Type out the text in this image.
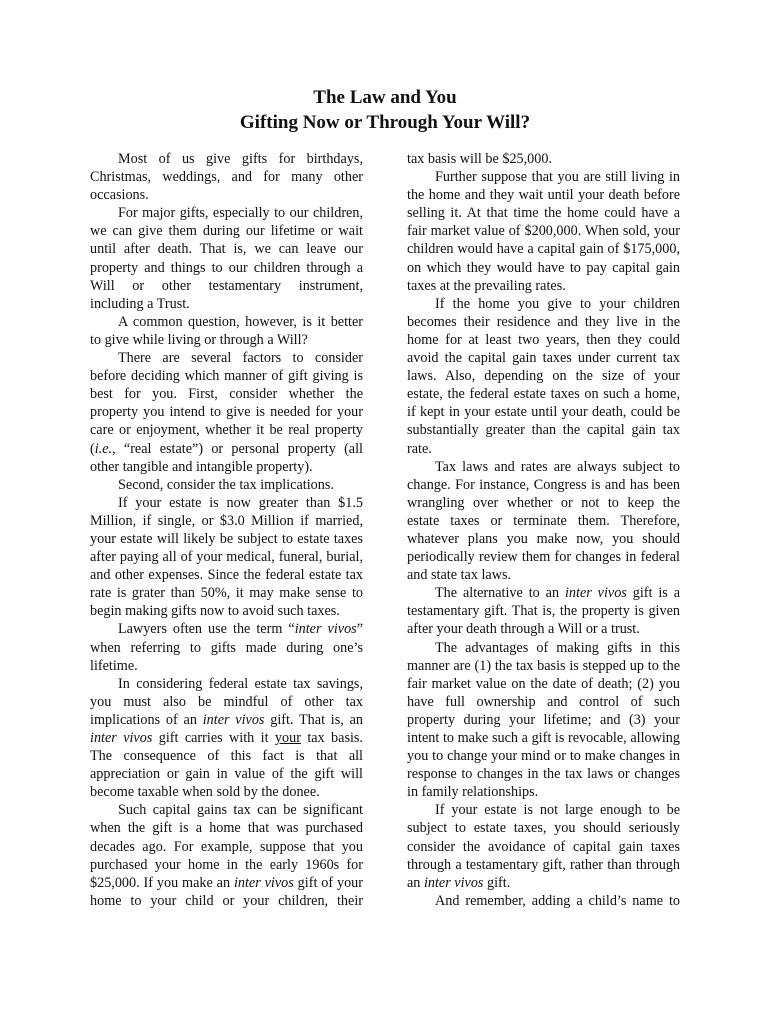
The Law and You
Gifting Now or Through Your Will?

Most of us give gifts for birthdays, Christmas, weddings, and for many other occasions.

For major gifts, especially to our children, we can give them during our lifetime or wait until after death. That is, we can leave our property and things to our children through a Will or other testamentary instrument, including a Trust.

A common question, however, is it better to give while living or through a Will?

There are several factors to consider before deciding which manner of gift giving is best for you. First, consider whether the property you intend to give is needed for your care or enjoyment, whether it be real property (i.e., “real estate”) or personal property (all other tangible and intangible property).

Second, consider the tax implications.

If your estate is now greater than $1.5 Million, if single, or $3.0 Million if married, your estate will likely be subject to estate taxes after paying all of your medical, funeral, burial, and other expenses. Since the federal estate tax rate is grater than 50%, it may make sense to begin making gifts now to avoid such taxes.

Lawyers often use the term “inter vivos” when referring to gifts made during one’s lifetime.

In considering federal estate tax savings, you must also be mindful of other tax implications of an inter vivos gift. That is, an inter vivos gift carries with it your tax basis. The consequence of this fact is that all appreciation or gain in value of the gift will become taxable when sold by the donee.

Such capital gains tax can be significant when the gift is a home that was purchased decades ago. For example, suppose that you purchased your home in the early 1960s for $25,000. If you make an inter vivos gift of your home to your child or your children, their

tax basis will be $25,000.

Further suppose that you are still living in the home and they wait until your death before selling it. At that time the home could have a fair market value of $200,000. When sold, your children would have a capital gain of $175,000, on which they would have to pay capital gain taxes at the prevailing rates.

If the home you give to your children becomes their residence and they live in the home for at least two years, then they could avoid the capital gain taxes under current tax laws. Also, depending on the size of your estate, the federal estate taxes on such a home, if kept in your estate until your death, could be substantially greater than the capital gain tax rate.

Tax laws and rates are always subject to change. For instance, Congress is and has been wrangling over whether or not to keep the estate taxes or terminate them. Therefore, whatever plans you make now, you should periodically review them for changes in federal and state tax laws.

The alternative to an inter vivos gift is a testamentary gift. That is, the property is given after your death through a Will or a trust.

The advantages of making gifts in this manner are (1) the tax basis is stepped up to the fair market value on the date of death; (2) you have full ownership and control of such property during your lifetime; and (3) your intent to make such a gift is revocable, allowing you to change your mind or to make changes in response to changes in the tax laws or changes in family relationships.

If your estate is not large enough to be subject to estate taxes, you should seriously consider the avoidance of capital gain taxes through a testamentary gift, rather than through an inter vivos gift.

And remember, adding a child’s name to
